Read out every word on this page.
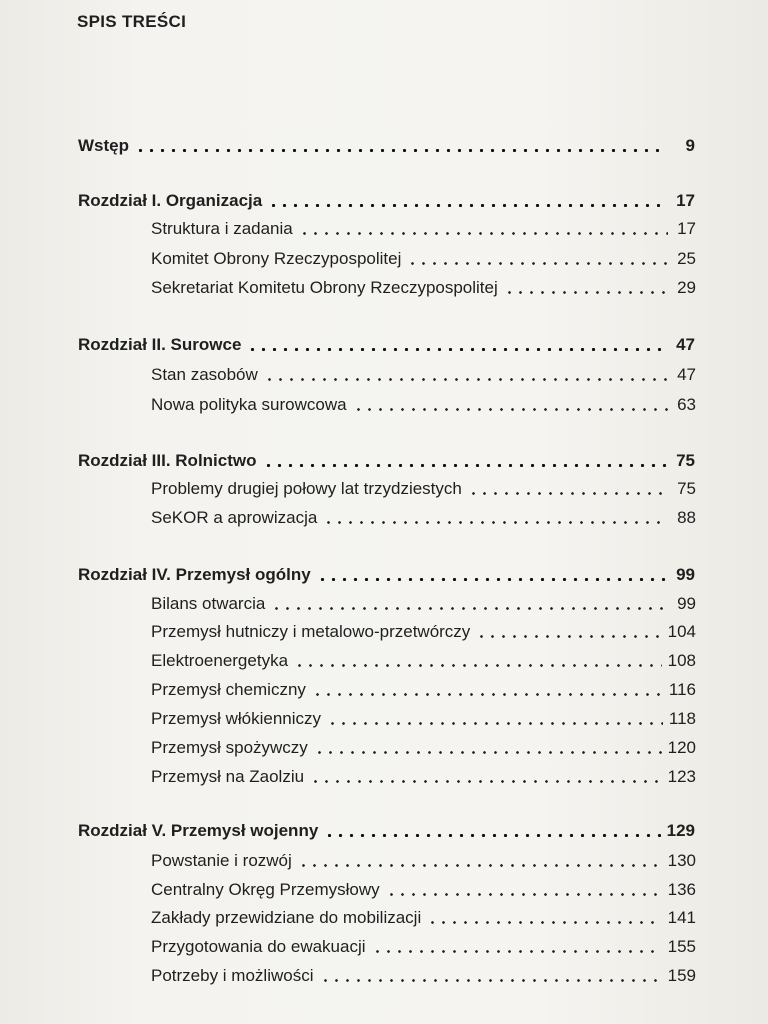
SPIS TREŚCI
Wstęp	9
Rozdział I. Organizacja	17
Struktura i zadania	17
Komitet Obrony Rzeczypospolitej	25
Sekretariat Komitetu Obrony Rzeczypospolitej	29
Rozdział II. Surowce	47
Stan zasobów	47
Nowa polityka surowcowa	63
Rozdział III. Rolnictwo	75
Problemy drugiej połowy lat trzydziestych	75
SeKOR a aprowizacja	88
Rozdział IV. Przemysł ogólny	99
Bilans otwarcia	99
Przemysł hutniczy i metalowo-przetwórczy	104
Elektroenergetyka	108
Przemysł chemiczny	116
Przemysł włókienniczy	118
Przemysł spożywczy	120
Przemysł na Zaolziu	123
Rozdział V. Przemysł wojenny	129
Powstanie i rozwój	130
Centralny Okręg Przemysłowy	136
Zakłady przewidziane do mobilizacji	141
Przygotowania do ewakuacji	155
Potrzeby i możliwości	159
